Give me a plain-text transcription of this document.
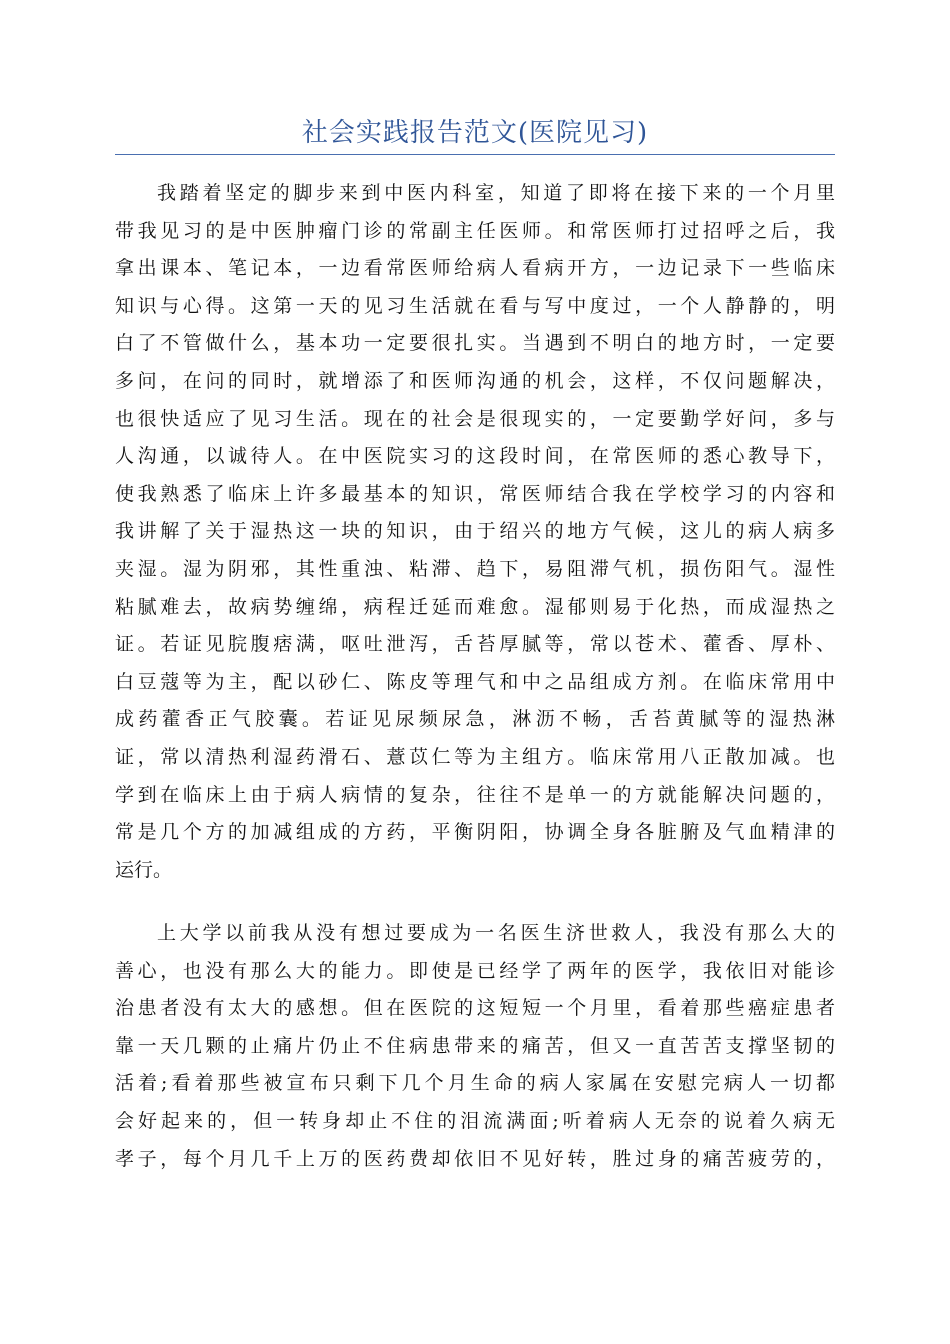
社会实践报告范文(医院见习)
我踏着坚定的脚步来到中医内科室，知道了即将在接下来的一个月里
带我见习的是中医肿瘤门诊的常副主任医师。和常医师打过招呼之后，我
拿出课本、笔记本，一边看常医师给病人看病开方，一边记录下一些临床
知识与心得。这第一天的见习生活就在看与写中度过，一个人静静的，明
白了不管做什么，基本功一定要很扎实。当遇到不明白的地方时，一定要
多问，在问的同时，就增添了和医师沟通的机会，这样，不仅问题解决，
也很快适应了见习生活。现在的社会是很现实的，一定要勤学好问，多与
人沟通，以诚待人。在中医院实习的这段时间，在常医师的悉心教导下，
使我熟悉了临床上许多最基本的知识，常医师结合我在学校学习的内容和
我讲解了关于湿热这一块的知识，由于绍兴的地方气候，这儿的病人病多
夹湿。湿为阴邪，其性重浊、粘滞、趋下，易阻滞气机，损伤阳气。湿性
粘腻难去，故病势缠绵，病程迁延而难愈。湿郁则易于化热，而成湿热之
证。若证见脘腹痞满，呕吐泄泻，舌苔厚腻等，常以苍术、藿香、厚朴、
白豆蔻等为主，配以砂仁、陈皮等理气和中之品组成方剂。在临床常用中
成药藿香正气胶囊。若证见尿频尿急，淋沥不畅，舌苔黄腻等的湿热淋
证，常以清热利湿药滑石、薏苡仁等为主组方。临床常用八正散加减。也
学到在临床上由于病人病情的复杂，往往不是单一的方就能解决问题的，
常是几个方的加减组成的方药，平衡阴阳，协调全身各脏腑及气血精津的
运行。
上大学以前我从没有想过要成为一名医生济世救人，我没有那么大的
善心，也没有那么大的能力。即使是已经学了两年的医学，我依旧对能诊
治患者没有太大的感想。但在医院的这短短一个月里，看着那些癌症患者
靠一天几颗的止痛片仍止不住病患带来的痛苦，但又一直苦苦支撑坚韧的
活着;看着那些被宣布只剩下几个月生命的病人家属在安慰完病人一切都
会好起来的，但一转身却止不住的泪流满面;听着病人无奈的说着久病无
孝子，每个月几千上万的医药费却依旧不见好转，胜过身的痛苦疲劳的，
